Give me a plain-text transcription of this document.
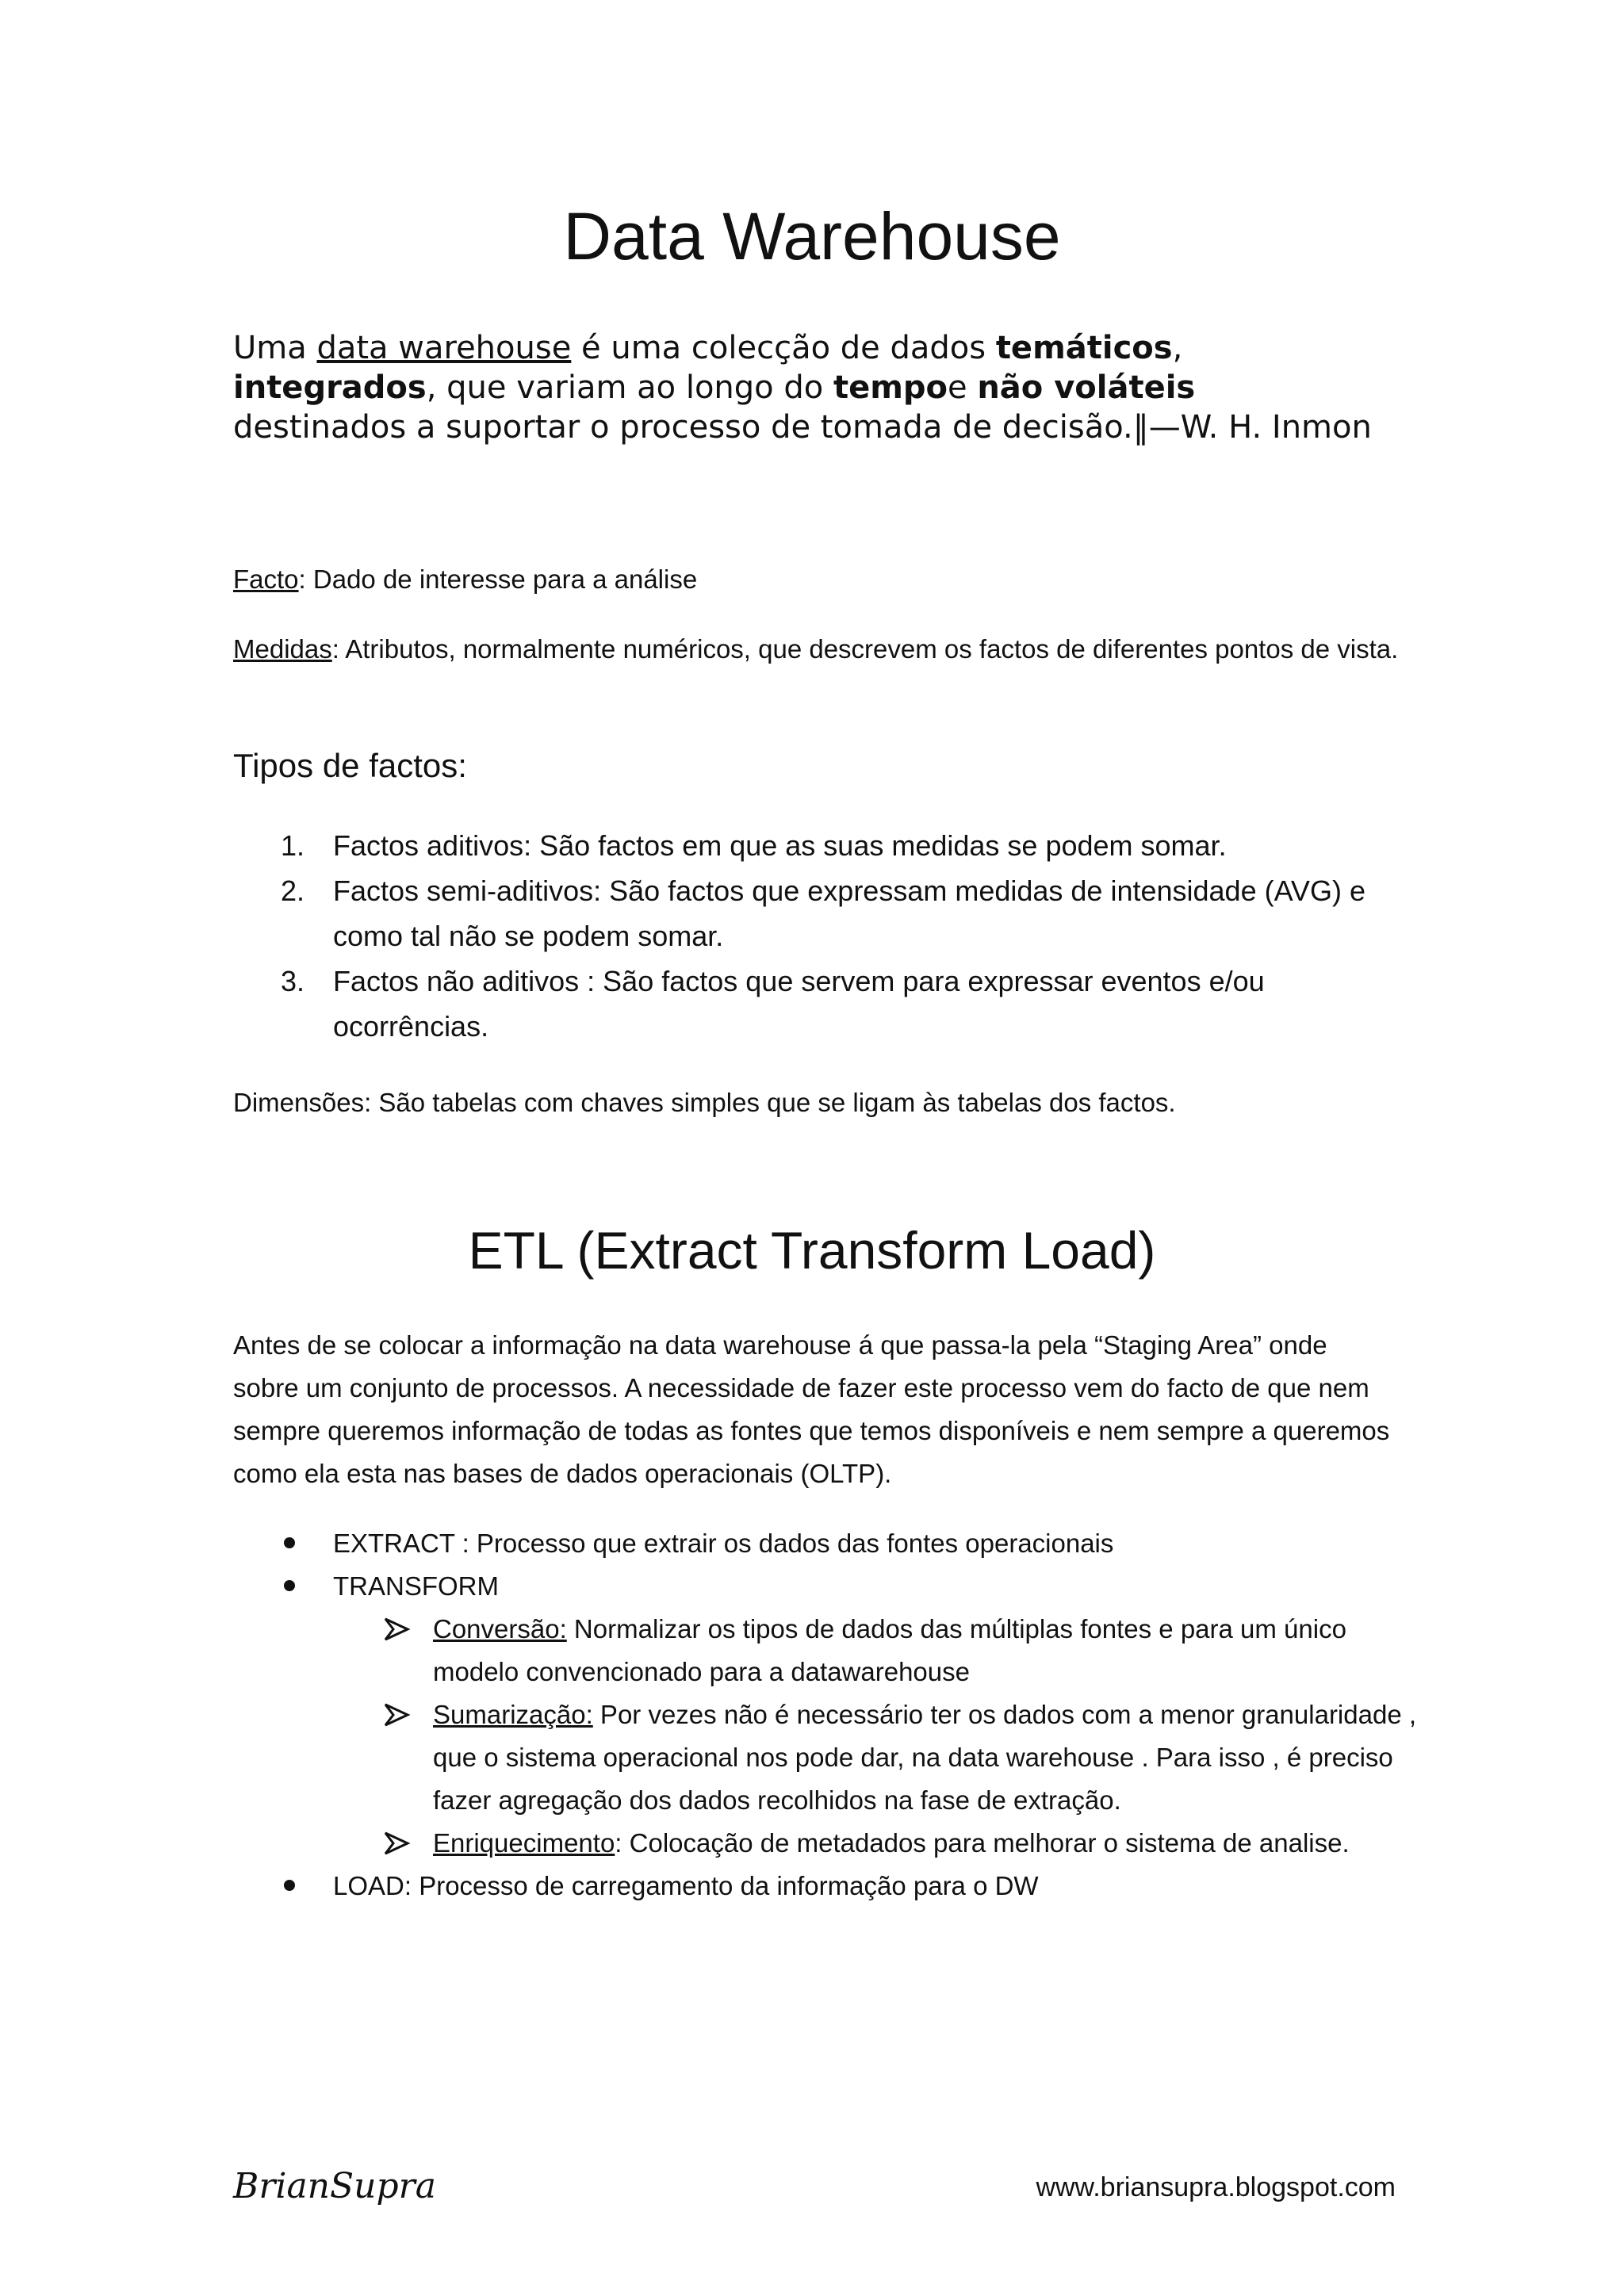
Data Warehouse

Uma data warehouse é uma colecção de dados temáticos,
integrados, que variam ao longo do tempoe não voláteis
destinados a suportar o processo de tomada de decisão.‖—W. H. Inmon

Facto: Dado de interesse para a análise

Medidas: Atributos, normalmente numéricos, que descrevem os factos de diferentes pontos de vista.

Tipos de factos:
1. Factos aditivos: São factos em que as suas medidas se podem somar.
2. Factos semi-aditivos: São factos que expressam medidas de intensidade (AVG) e como tal não se podem somar.
3. Factos não aditivos : São factos que servem para expressar eventos e/ou ocorrências.

Dimensões: São tabelas com chaves simples que se ligam às tabelas dos factos.

ETL (Extract Transform Load)

Antes de se colocar a informação na data warehouse á que passa-la pela “Staging Area” onde sobre um conjunto de processos. A necessidade de fazer este processo vem do facto de que nem sempre queremos informação de todas as fontes que temos disponíveis e nem sempre a queremos como ela esta nas bases de dados operacionais (OLTP).

EXTRACT : Processo que extrair os dados das fontes operacionais
TRANSFORM
Conversão: Normalizar os tipos de dados das múltiplas fontes e para um único modelo convencionado para a datawarehouse
Sumarização: Por vezes não é necessário ter os dados com a menor granularidade , que o sistema operacional nos pode dar, na data warehouse . Para isso , é preciso fazer agregação dos dados recolhidos na fase de extração.
Enriquecimento: Colocação de metadados para melhorar o sistema de analise.
LOAD: Processo de carregamento da informação para o DW

BrianSupra	www.briansupra.blogspot.com
